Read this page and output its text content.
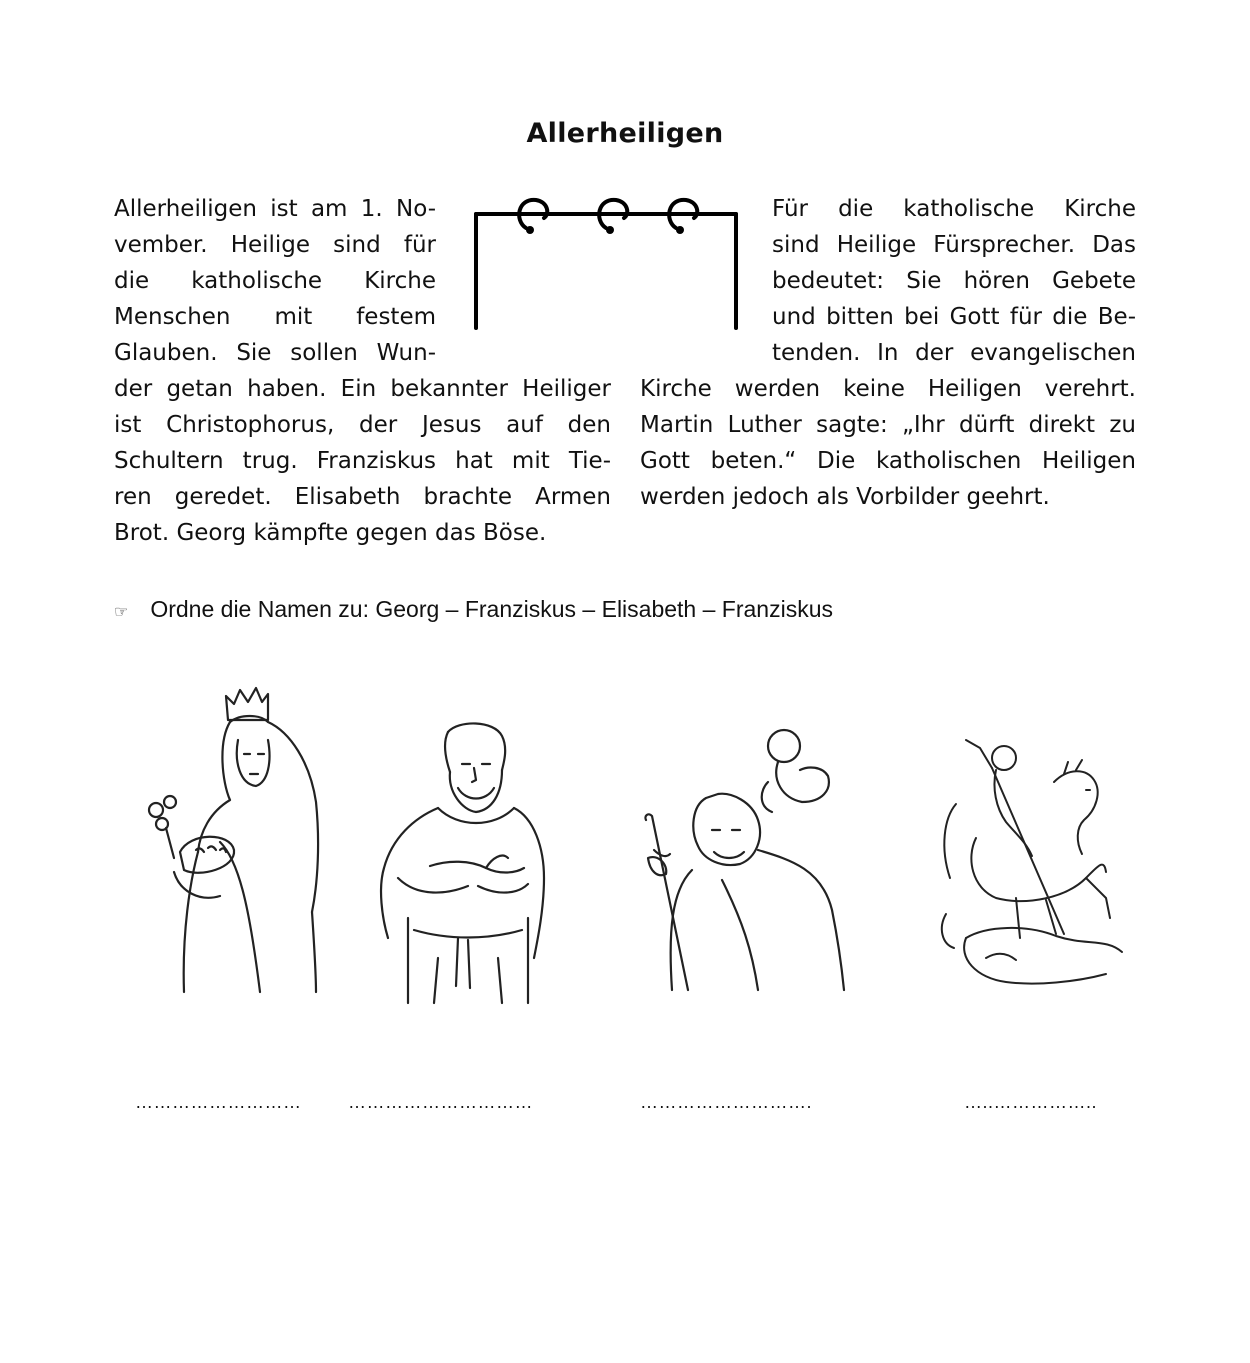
Allerheiligen
Allerheiligen ist am 1. No-
vember. Heilige sind für
die katholische Kirche
Menschen mit festem
Glauben. Sie sollen Wun-
der getan haben. Ein bekannter Heiliger
ist Christophorus, der Jesus auf den
Schultern trug. Franziskus hat mit Tie-
ren geredet. Elisabeth brachte Armen
Brot. Georg kämpfte gegen das Böse.
Für die katholische Kirche
sind Heilige Fürsprecher. Das
bedeutet: Sie hören Gebete
und bitten bei Gott für die Be-
tenden. In der evangelischen
Kirche werden keine Heiligen verehrt.
Martin Luther sagte: „Ihr dürft direkt zu
Gott beten.“ Die katholischen Heiligen
werden jedoch als Vorbilder geehrt.
☞ Ordne die Namen zu: Georg – Franziskus – Elisabeth – Franziskus
………………………	…………………………	……………………….	…..……………..
